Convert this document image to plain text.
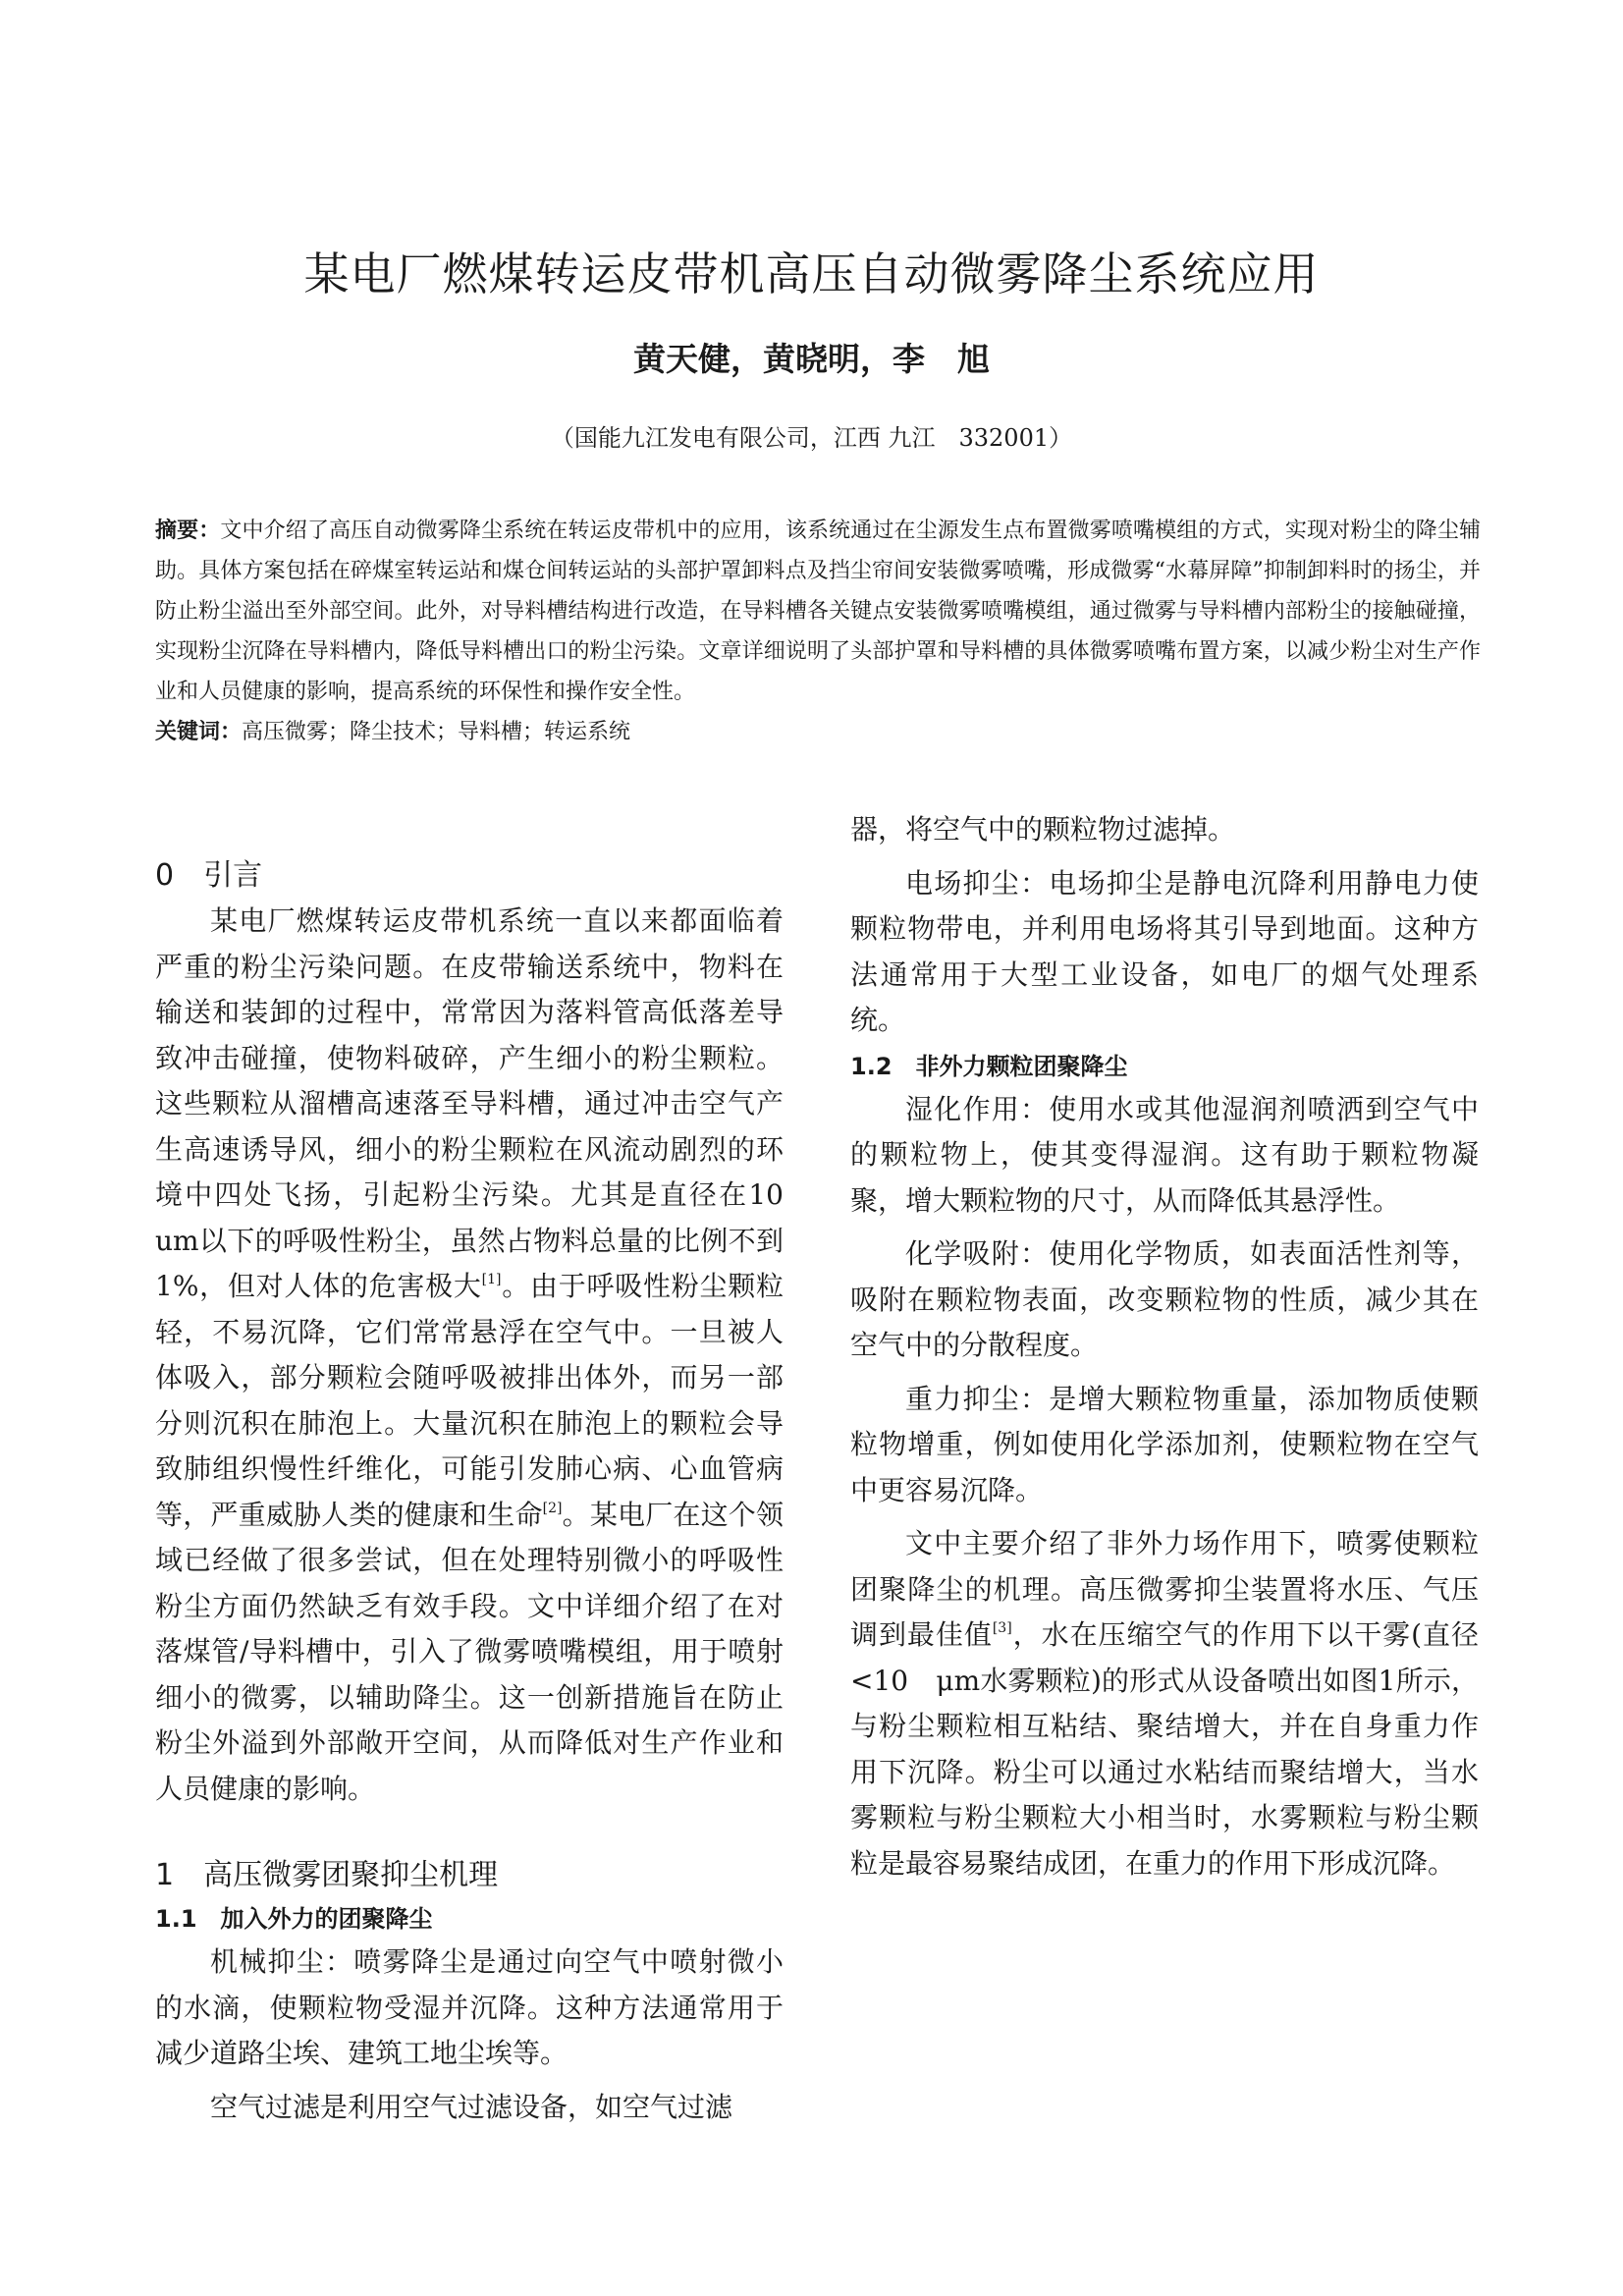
某电厂燃煤转运皮带机高压自动微雾降尘系统应用
黄天健，黄晓明，李　旭
（国能九江发电有限公司，江西 九江　332001）

摘要：文中介绍了高压自动微雾降尘系统在转运皮带机中的应用，该系统通过在尘源发生点布置微雾喷嘴模组的方式，实现对粉尘的降尘辅助。具体方案包括在碎煤室转运站和煤仓间转运站的头部护罩卸料点及挡尘帘间安装微雾喷嘴，形成微雾“水幕屏障”抑制卸料时的扬尘，并防止粉尘溢出至外部空间。此外，对导料槽结构进行改造，在导料槽各关键点安装微雾喷嘴模组，通过微雾与导料槽内部粉尘的接触碰撞，实现粉尘沉降在导料槽内，降低导料槽出口的粉尘污染。文章详细说明了头部护罩和导料槽的具体微雾喷嘴布置方案，以减少粉尘对生产作业和人员健康的影响，提高系统的环保性和操作安全性。

关键词：高压微雾；降尘技术；导料槽；转运系统

0　引言

某电厂燃煤转运皮带机系统一直以来都面临着严重的粉尘污染问题。在皮带输送系统中，物料在输送和装卸的过程中，常常因为落料管高低落差导致冲击碰撞，使物料破碎，产生细小的粉尘颗粒。这些颗粒从溜槽高速落至导料槽，通过冲击空气产生高速诱导风，细小的粉尘颗粒在风流动剧烈的环境中四处飞扬，引起粉尘污染。尤其是直径在10 um以下的呼吸性粉尘，虽然占物料总量的比例不到1%，但对人体的危害极大[1]。由于呼吸性粉尘颗粒轻，不易沉降，它们常常悬浮在空气中。一旦被人体吸入，部分颗粒会随呼吸被排出体外，而另一部分则沉积在肺泡上。大量沉积在肺泡上的颗粒会导致肺组织慢性纤维化，可能引发肺心病、心血管病等，严重威胁人类的健康和生命[2]。某电厂在这个领域已经做了很多尝试，但在处理特别微小的呼吸性粉尘方面仍然缺乏有效手段。文中详细介绍了在对落煤管/导料槽中，引入了微雾喷嘴模组，用于喷射细小的微雾，以辅助降尘。这一创新措施旨在防止粉尘外溢到外部敞开空间，从而降低对生产作业和人员健康的影响。

1　高压微雾团聚抑尘机理
1.1　加入外力的团聚降尘

机械抑尘：喷雾降尘是通过向空气中喷射微小的水滴，使颗粒物受湿并沉降。这种方法通常用于减少道路尘埃、建筑工地尘埃等。

空气过滤是利用空气过滤设备，如空气过滤

器，将空气中的颗粒物过滤掉。

电场抑尘：电场抑尘是静电沉降利用静电力使颗粒物带电，并利用电场将其引导到地面。这种方法通常用于大型工业设备，如电厂的烟气处理系统。

1.2　非外力颗粒团聚降尘

湿化作用：使用水或其他湿润剂喷洒到空气中的颗粒物上，使其变得湿润。这有助于颗粒物凝聚，增大颗粒物的尺寸，从而降低其悬浮性。

化学吸附：使用化学物质，如表面活性剂等，吸附在颗粒物表面，改变颗粒物的性质，减少其在空气中的分散程度。

重力抑尘：是增大颗粒物重量，添加物质使颗粒物增重，例如使用化学添加剂，使颗粒物在空气中更容易沉降。

文中主要介绍了非外力场作用下，喷雾使颗粒团聚降尘的机理。高压微雾抑尘装置将水压、气压调到最佳值[3]，水在压缩空气的作用下以干雾(直径<10　μm水雾颗粒)的形式从设备喷出如图1所示，与粉尘颗粒相互粘结、聚结增大，并在自身重力作用下沉降。粉尘可以通过水粘结而聚结增大，当水雾颗粒与粉尘颗粒大小相当时，水雾颗粒与粉尘颗粒是最容易聚结成团，在重力的作用下形成沉降。
